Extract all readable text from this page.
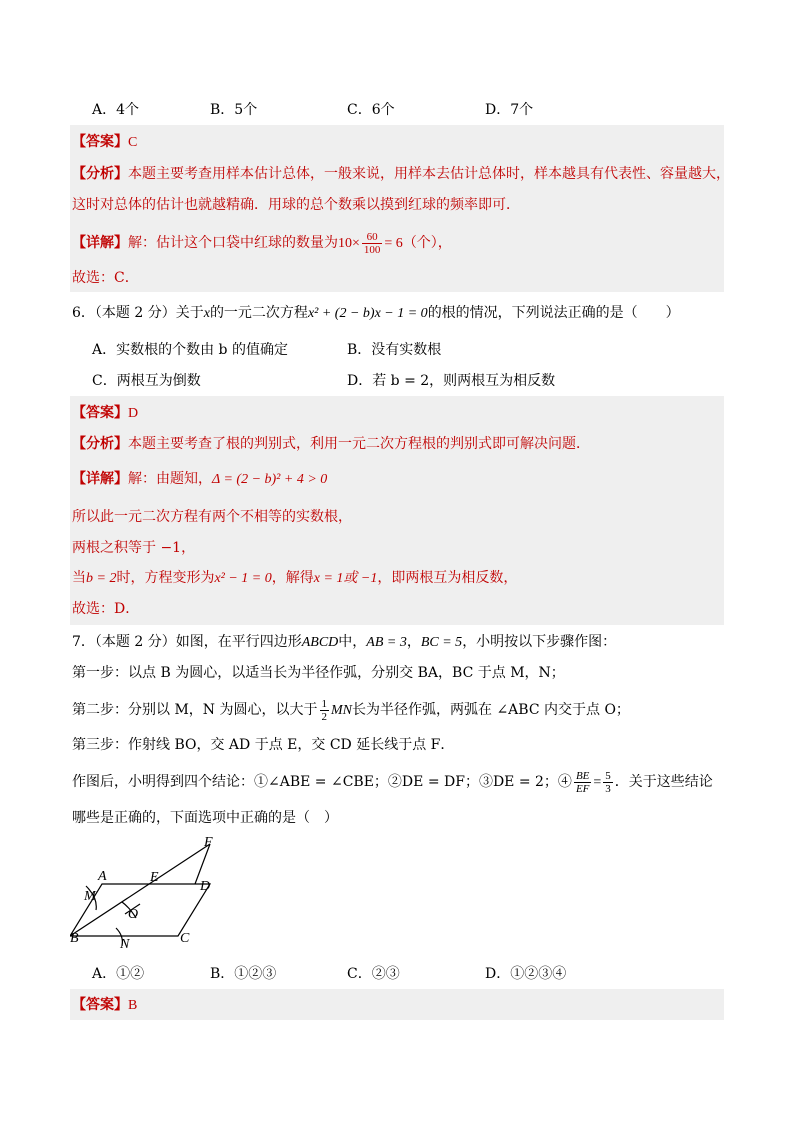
A．4个	B．5个	C．6个	D．7个
【答案】C
【分析】本题主要考查用样本估计总体，一般来说，用样本去估计总体时，样本越具有代表性、容量越大，
这时对总体的估计也就越精确．用球的总个数乘以摸到红球的频率即可．
【详解】解：估计这个口袋中红球的数量为$10\times \frac{60}{100} = 6$（个），
故选：C．
6．（本题 2 分）关于x的一元二次方程x² + (2 − b)x − 1 = 0的根的情况，下列说法正确的是（　　）
A．实数根的个数由 b 的值确定	B．没有实数根
C．两根互为倒数	D．若 b = 2，则两根互为相反数
【答案】D
【分析】本题主要考查了根的判别式，利用一元二次方程根的判别式即可解决问题．
【详解】解：由题知，Δ = (2 − b)² + 4 > 0
所以此一元二次方程有两个不相等的实数根，
两根之积等于 −1，
当b = 2时，方程变形为x² − 1 = 0，解得x = 1或 −1，即两根互为相反数，
故选：D．
7．（本题 2 分）如图，在平行四边形ABCD中，AB = 3，BC = 5，小明按以下步骤作图：
第一步：以点 B 为圆心，以适当长为半径作弧，分别交 BA，BC 于点 M，N；
第二步：分别以 M，N 为圆心，以大于 $\frac{1}{2}$ MN长为半径作弧，两弧在 ∠ABC 内交于点 O；
第三步：作射线 BO，交 AD 于点 E，交 CD 延长线于点 F．
作图后，小明得到四个结论：①∠ABE = ∠CBE；②DE = DF；③DE = 2；④ $\frac{BE}{EF} = \frac{5}{3}$ ．关于这些结论
哪些是正确的，下面选项中正确的是（　）
A
B	C
D
E
F
M
N
O
A．①②	B．①②③	C．②③	D．①②③④
【答案】B
